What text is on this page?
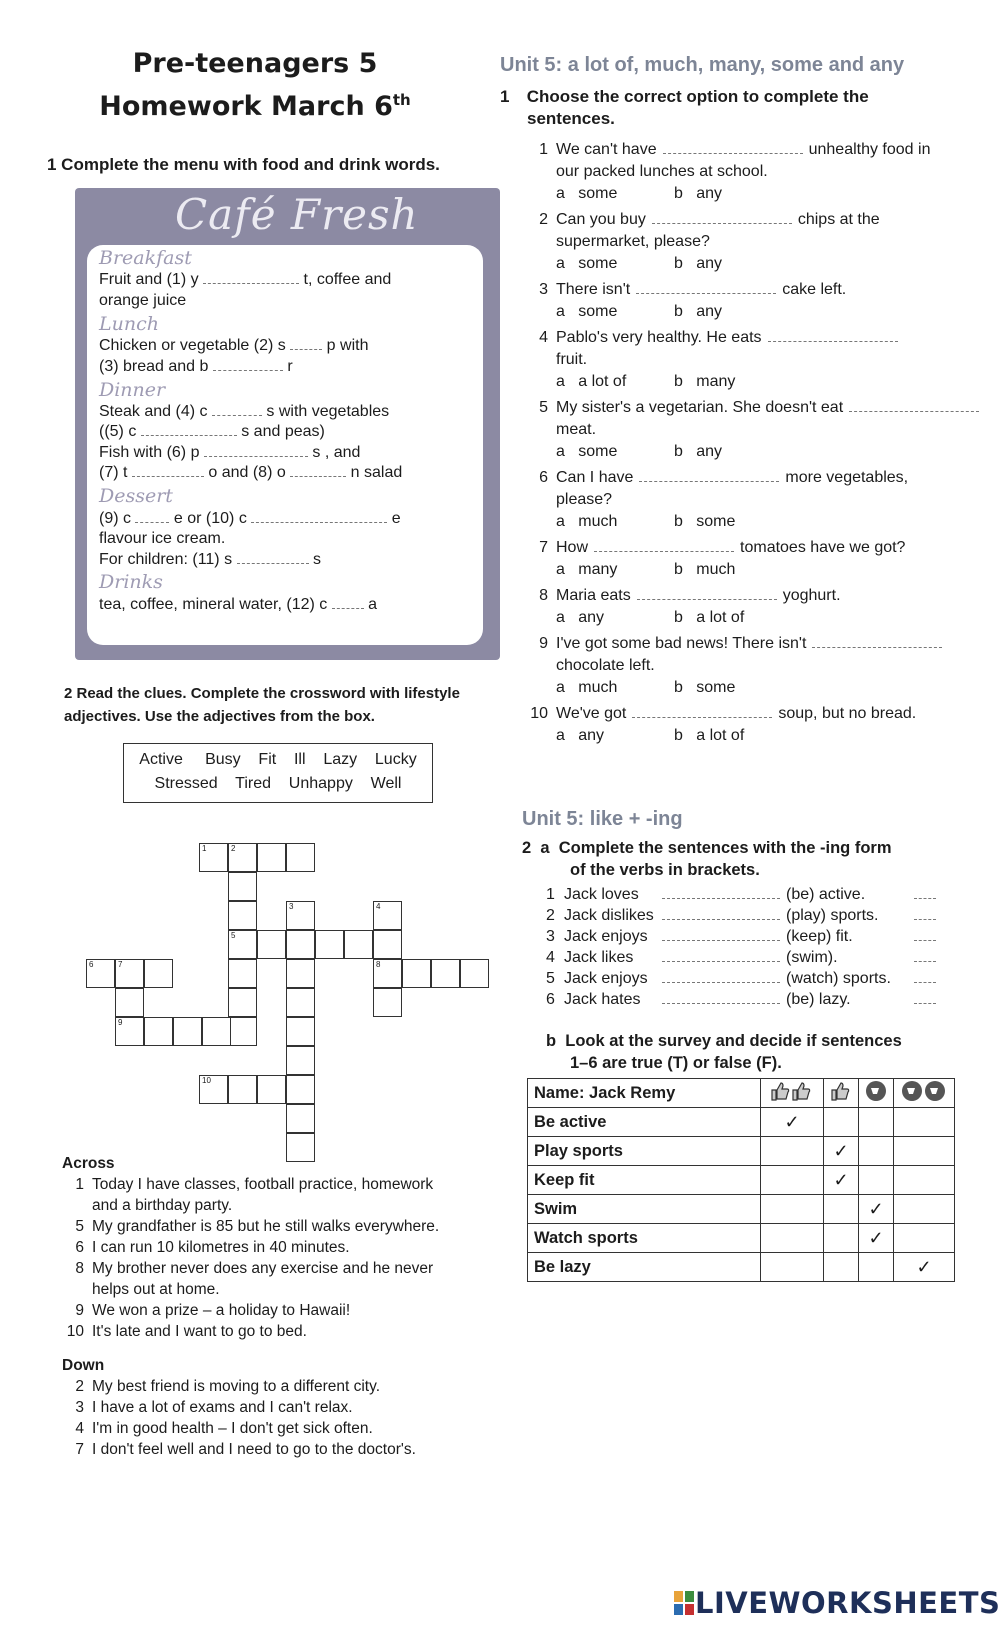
Pre-teenagers 5
Homework March 6th
1 Complete the menu with food and drink words.
Café Fresh
Breakfast
Fruit and (1) y	t, coffee and
orange juice
Lunch
Chicken or vegetable (2) s	p with
(3) bread and b	r
Dinner
Steak and (4) c	s with vegetables
((5) c	s and peas)
Fish with (6) p	s , and
(7) t	o and (8) o	n salad
Dessert
(9) c	e or (10) c	e
flavour ice cream.
For children: (11) s	s
Drinks
tea, coffee, mineral water, (12) c	a
2 Read the clues. Complete the crossword with lifestyle
adjectives. Use the adjectives from the box.
Active     Busy    Fit    Ill    Lazy    Lucky
Stressed    Tired    Unhappy    Well
1	2
5
3	4
8
6	7
9
10
Across
1 Today I have classes, football practice, homework
and a birthday party.
5 My grandfather is 85 but he still walks everywhere.
6 I can run 10 kilometres in 40 minutes.
8 My brother never does any exercise and he never
helps out at home.
9 We won a prize – a holiday to Hawaii!
10 It's late and I want to go to bed.
Down
2 My best friend is moving to a different city.
3 I have a lot of exams and I can't relax.
4 I'm in good health – I don't get sick often.
7 I don't feel well and I need to go to the doctor's.
Unit 5: a lot of, much, many, some and any
1 Choose the correct option to complete the
sentences.
1 We can't have	unhealthy food in
our packed lunches at school.
a   some	b   any
2 Can you buy	chips at the
supermarket, please?
a   some	b   any
3 There isn't	cake left.
a   some	b   any
4 Pablo's very healthy. He eats
fruit.
a   a lot of	b   many
5 My sister's a vegetarian. She doesn't eat
meat.
a   some	b   any
6 Can I have	more vegetables,
please?
a   much	b   some
7 How	tomatoes have we got?
a   many	b   much
8 Maria eats	yoghurt.
a   any	b   a lot of
9 I've got some bad news! There isn't
chocolate left.
a   much	b   some
10 We've got	soup, but no bread.
a   any	b   a lot of
Unit 5: like + -ing
2  a  Complete the sentences with the -ing form
of the verbs in brackets.
1 Jack loves	(be) active.
2 Jack dislikes	(play) sports.
3 Jack enjoys	(keep) fit.
4 Jack likes	(swim).
5 Jack enjoys	(watch) sports.
6 Jack hates	(be) lazy.
b  Look at the survey and decide if sentences
1–6 are true (T) or false (F).
Name: Jack Remy				
Be active	✓			
Play sports		✓		
Keep fit		✓		
Swim			✓	
Watch sports			✓	
Be lazy				✓
LIVEWORKSHEETS
